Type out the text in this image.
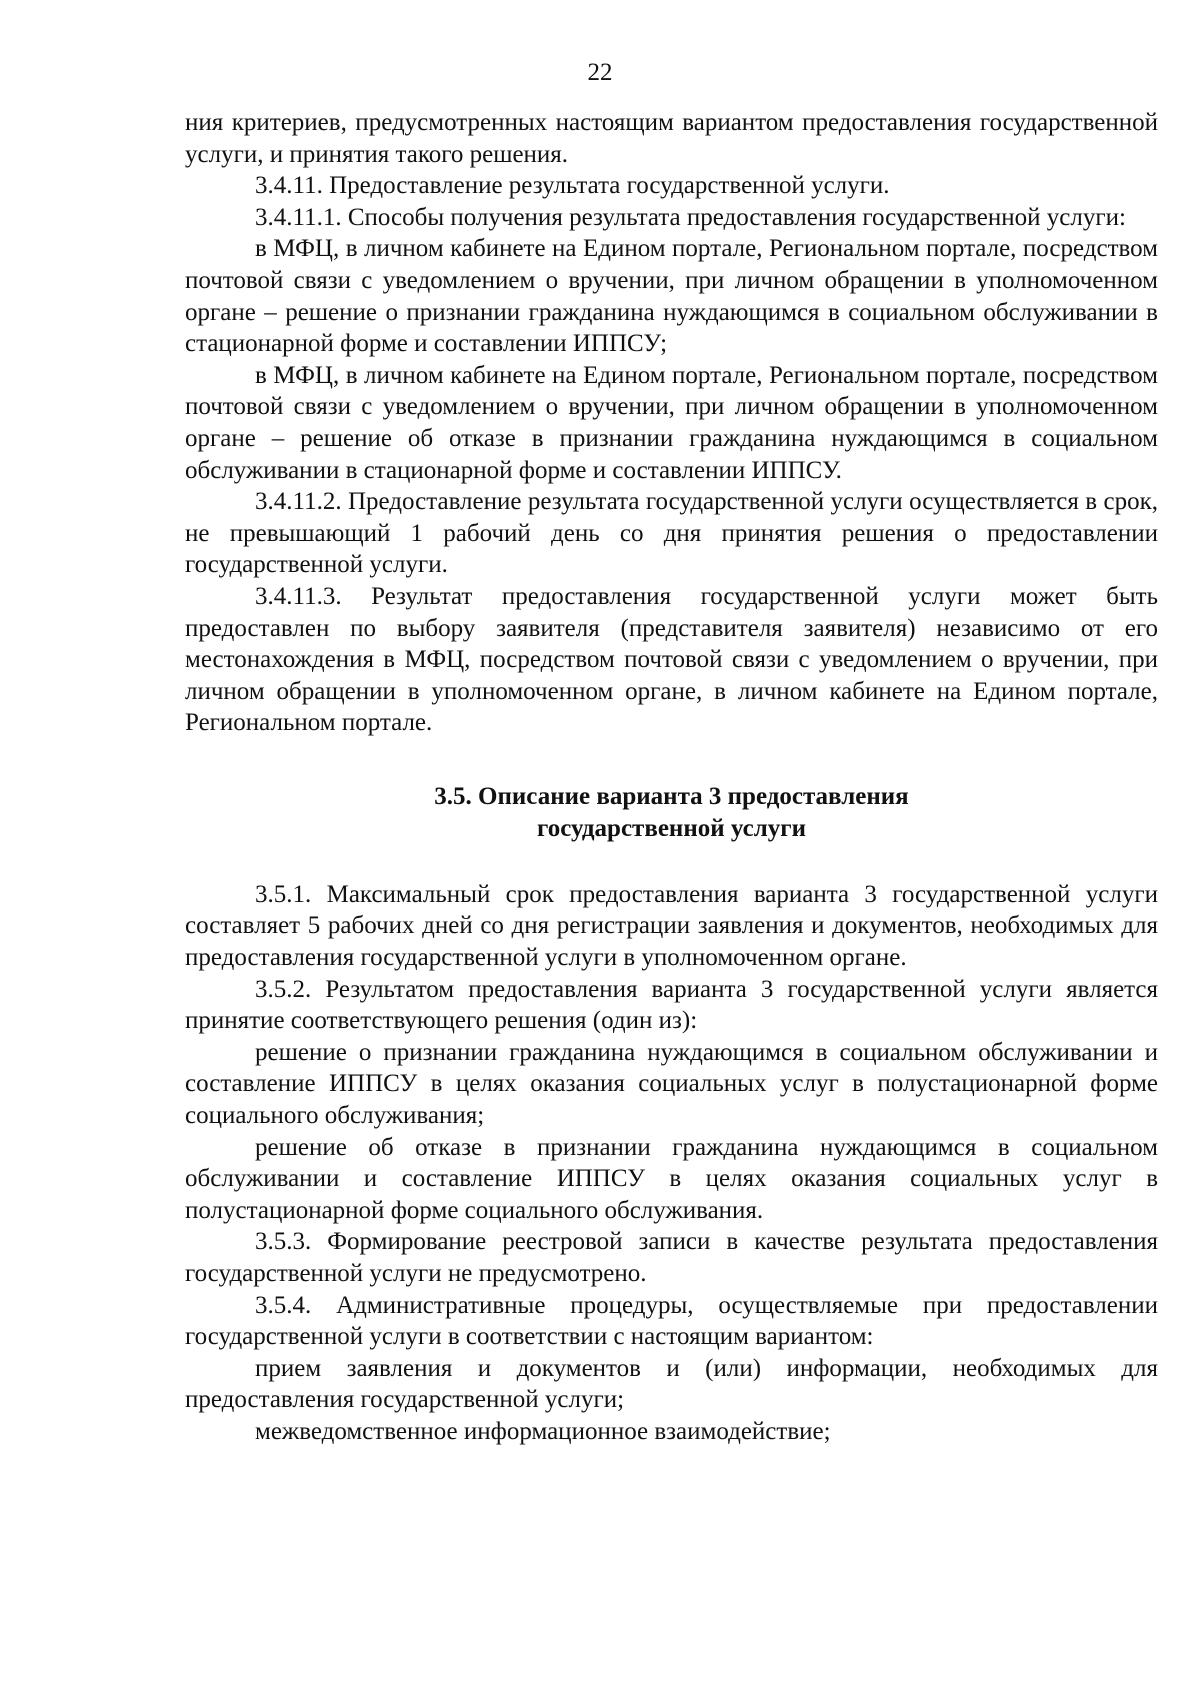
22

ния критериев, предусмотренных настоящим вариантом предоставления государственной услуги, и принятия такого решения.

3.4.11. Предоставление результата государственной услуги.

3.4.11.1. Способы получения результата предоставления государственной услуги:

в МФЦ, в личном кабинете на Едином портале, Региональном портале, посредством почтовой связи с уведомлением о вручении, при личном обращении в уполномоченном органе – решение о признании гражданина нуждающимся в социальном обслуживании в стационарной форме и составлении ИППСУ;

в МФЦ, в личном кабинете на Едином портале, Региональном портале, посредством почтовой связи с уведомлением о вручении, при личном обращении в уполномоченном органе – решение об отказе в признании гражданина нуждающимся в социальном обслуживании в стационарной форме и составлении ИППСУ.

3.4.11.2. Предоставление результата государственной услуги осуществляется в срок, не превышающий 1 рабочий день со дня принятия решения о предоставлении государственной услуги.

3.4.11.3. Результат предоставления государственной услуги может быть предоставлен по выбору заявителя (представителя заявителя) независимо от его местонахождения в МФЦ, посредством почтовой связи с уведомлением о вручении, при личном обращении в уполномоченном органе, в личном кабинете на Едином портале, Региональном портале.

3.5. Описание варианта 3 предоставления
государственной услуги

3.5.1. Максимальный срок предоставления варианта 3 государственной услуги составляет 5 рабочих дней со дня регистрации заявления и документов, необходимых для предоставления государственной услуги в уполномоченном органе.

3.5.2. Результатом предоставления варианта 3 государственной услуги является принятие соответствующего решения (один из):

решение о признании гражданина нуждающимся в социальном обслуживании и составление ИППСУ в целях оказания социальных услуг в полустационарной форме социального обслуживания;

решение об отказе в признании гражданина нуждающимся в социальном обслуживании и составление ИППСУ в целях оказания социальных услуг в полустационарной форме социального обслуживания.

3.5.3. Формирование реестровой записи в качестве результата предоставления государственной услуги не предусмотрено.

3.5.4. Административные процедуры, осуществляемые при предоставлении государственной услуги в соответствии с настоящим вариантом:

прием заявления и документов и (или) информации, необходимых для предоставления государственной услуги;

межведомственное информационное взаимодействие;
